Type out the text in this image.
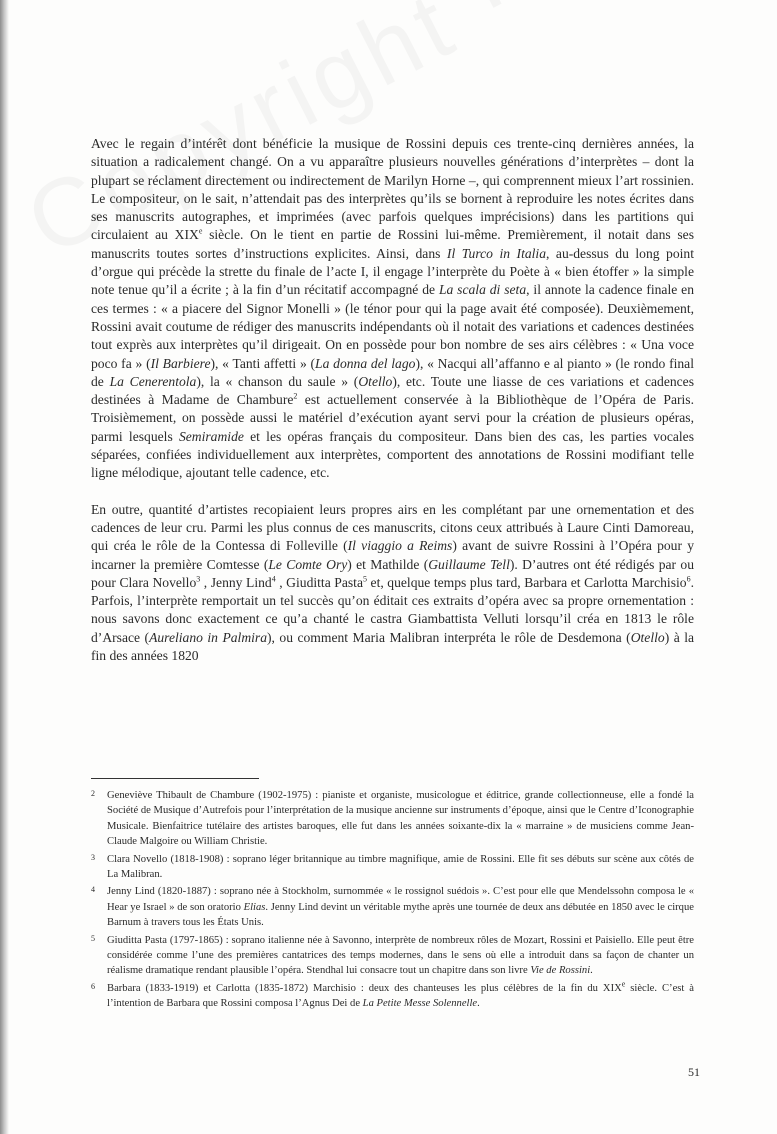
Avec le regain d’intérêt dont bénéficie la musique de Rossini depuis ces trente-cinq dernières années, la situation a radicalement changé. On a vu apparaître plusieurs nouvelles générations d’interprètes – dont la plupart se réclament directement ou indirectement de Marilyn Horne –, qui comprennent mieux l’art rossinien. Le compositeur, on le sait, n’attendait pas des interprètes qu’ils se bornent à reproduire les notes écrites dans ses manuscrits autographes, et imprimées (avec parfois quelques imprécisions) dans les partitions qui circulaient au XIXe siècle. On le tient en partie de Rossini lui-même. Premièrement, il notait dans ses manuscrits toutes sortes d’instructions explicites. Ainsi, dans Il Turco in Italia, au-dessus du long point d’orgue qui précède la strette du finale de l’acte I, il engage l’interprète du Poète à « bien étoffer » la simple note tenue qu’il a écrite ; à la fin d’un récitatif accompagné de La scala di seta, il annote la cadence finale en ces termes : « a piacere del Signor Monelli » (le ténor pour qui la page avait été composée). Deuxièmement, Rossini avait coutume de rédiger des manuscrits indépendants où il notait des variations et cadences destinées tout exprès aux interprètes qu’il dirigeait. On en possède pour bon nombre de ses airs célèbres : « Una voce poco fa » (Il Barbiere), « Tanti affetti » (La donna del lago), « Nacqui all’affanno e al pianto » (le rondo final de La Cenerentola), la « chanson du saule » (Otello), etc. Toute une liasse de ces variations et cadences destinées à Madame de Chambure$^2$ est actuellement conservée à la Bibliothèque de l’Opéra de Paris. Troisièmement, on possède aussi le matériel d’exécution ayant servi pour la création de plusieurs opéras, parmi lesquels Semiramide et les opéras français du compositeur. Dans bien des cas, les parties vocales séparées, confiées individuellement aux interprètes, comportent des annotations de Rossini modifiant telle ligne mélodique, ajoutant telle cadence, etc.

En outre, quantité d’artistes recopiaient leurs propres airs en les complétant par une ornementation et des cadences de leur cru. Parmi les plus connus de ces manuscrits, citons ceux attribués à Laure Cinti Damoreau, qui créa le rôle de la Contessa di Folleville (Il viaggio a Reims) avant de suivre Rossini à l’Opéra pour y incarner la première Comtesse (Le Comte Ory) et Mathilde (Guillaume Tell). D’autres ont été rédigés par ou pour Clara Novello$^3$ , Jenny Lind$^4$ , Giuditta Pasta$^5$ et, quelque temps plus tard, Barbara et Carlotta Marchisio$^6$. Parfois, l’interprète remportait un tel succès qu’on éditait ces extraits d’opéra avec sa propre ornementation : nous savons donc exactement ce qu’a chanté le castra Giambattista Velluti lorsqu’il créa en 1813 le rôle d’Arsace (Aureliano in Palmira), ou comment Maria Malibran interpréta le rôle de Desdemona (Otello) à la fin des années 1820

2 Geneviève Thibault de Chambure (1902-1975) : pianiste et organiste, musicologue et éditrice, grande collectionneuse, elle a fondé la Société de Musique d’Autrefois pour l’interprétation de la musique ancienne sur instruments d’époque, ainsi que le Centre d’Iconographie Musicale. Bienfaitrice tutélaire des artistes baroques, elle fut dans les années soixante-dix la « marraine » de musiciens comme Jean-Claude Malgoire ou William Christie.
3 Clara Novello (1818-1908) : soprano léger britannique au timbre magnifique, amie de Rossini. Elle fit ses débuts sur scène aux côtés de La Malibran.
4 Jenny Lind (1820-1887) : soprano née à Stockholm, surnommée « le rossignol suédois ». C’est pour elle que Mendelssohn composa le « Hear ye Israel » de son oratorio Elias. Jenny Lind devint un véritable mythe après une tournée de deux ans débutée en 1850 avec le cirque Barnum à travers tous les États Unis.
5 Giuditta Pasta (1797-1865) : soprano italienne née à Savonno, interprète de nombreux rôles de Mozart, Rossini et Paisiello. Elle peut être considérée comme l’une des premières cantatrices des temps modernes, dans le sens où elle a introduit dans sa façon de chanter un réalisme dramatique rendant plausible l’opéra. Stendhal lui consacre tout un chapitre dans son livre Vie de Rossini.
6 Barbara (1833-1919) et Carlotta (1835-1872) Marchisio : deux des chanteuses les plus célèbres de la fin du XIXe siècle. C’est à l’intention de Barbara que Rossini composa l’Agnus Dei de La Petite Messe Solennelle.
51
